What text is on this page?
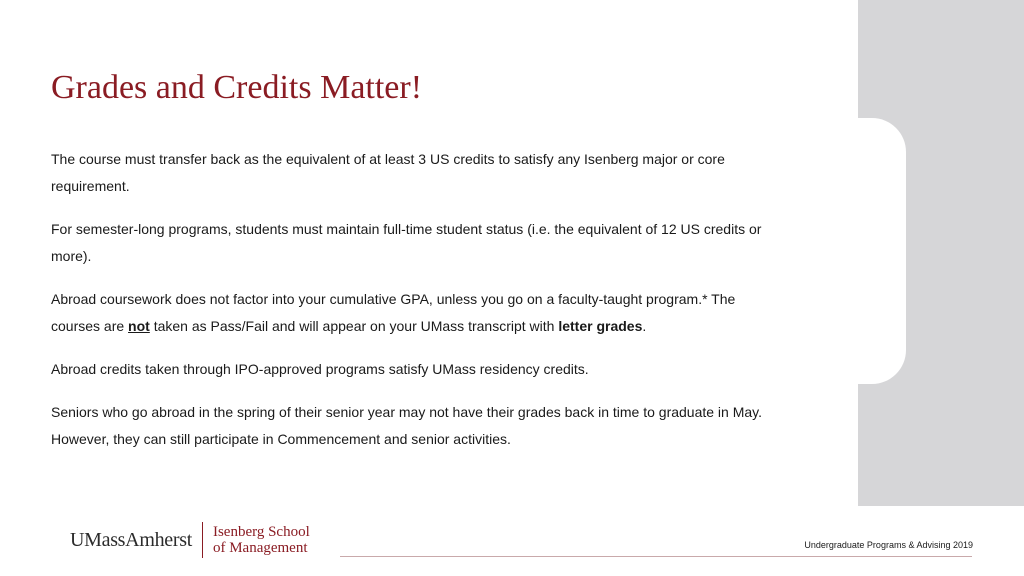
Grades and Credits Matter!

The course must transfer back as the equivalent of at least 3 US credits to satisfy any Isenberg major or core requirement.

For semester-long programs, students must maintain full-time student status (i.e. the equivalent of 12 US credits or more).

Abroad coursework does not factor into your cumulative GPA, unless you go on a faculty-taught program.* The courses are not taken as Pass/Fail and will appear on your UMass transcript with letter grades.

Abroad credits taken through IPO-approved programs satisfy UMass residency credits.

Seniors who go abroad in the spring of their senior year may not have their grades back in time to graduate in May. However, they can still participate in Commencement and senior activities.

UMassAmherst Isenberg School
of Management	Undergraduate Programs & Advising 2019
